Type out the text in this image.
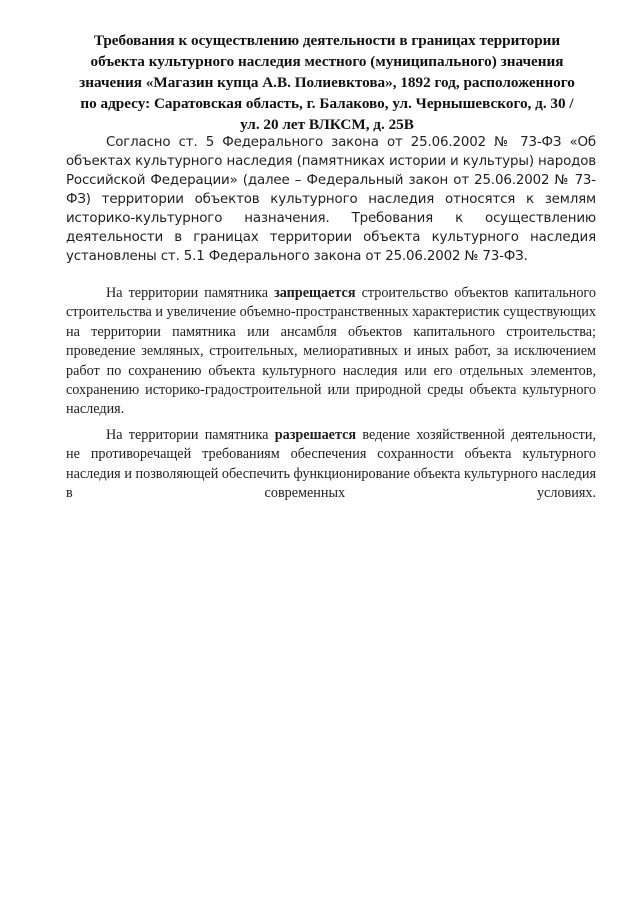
Требования к осуществлению деятельности в границах территории
объекта культурного наследия местного (муниципального) значения
значения «Магазин купца А.В. Полиевктова», 1892 год, расположенного
по адресу: Саратовская область, г. Балаково, ул. Чернышевского, д. 30 /
ул. 20 лет ВЛКСМ, д. 25В
Согласно ст. 5 Федерального закона от 25.06.2002 № 73-ФЗ «Об объектах культурного наследия (памятниках истории и культуры) народов Российской Федерации» (далее – Федеральный закон от 25.06.2002 № 73-ФЗ) территории объектов культурного наследия относятся к землям историко-культурного назначения. Требования к осуществлению деятельности в границах территории объекта культурного наследия установлены ст. 5.1 Федерального закона от 25.06.2002 № 73-ФЗ.
На территории памятника запрещается строительство объектов капитального строительства и увеличение объемно-пространственных характеристик существующих на территории памятника или ансамбля объектов капитального строительства; проведение земляных, строительных, мелиоративных и иных работ, за исключением работ по сохранению объекта культурного наследия или его отдельных элементов, сохранению историко-градостроительной или природной среды объекта культурного наследия.
На территории памятника разрешается ведение хозяйственной деятельности, не противоречащей требованиям обеспечения сохранности объекта культурного наследия и позволяющей обеспечить функционирование объекта культурного наследия в современных условиях.
